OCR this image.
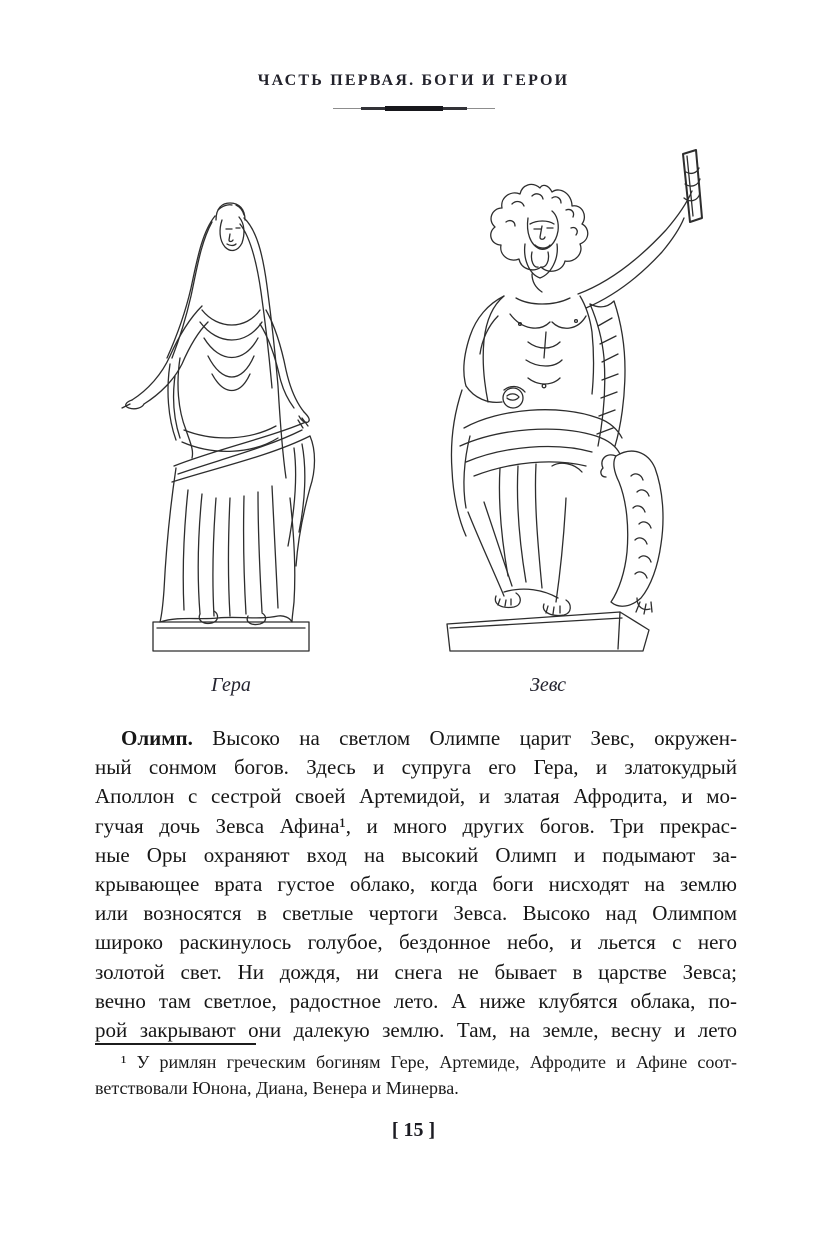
ЧАСТЬ ПЕРВАЯ. БОГИ И ГЕРОИ
Гера	Зевс
Олимп. Высоко на светлом Олимпе царит Зевс, окружен-
ный сонмом богов. Здесь и супруга его Гера, и златокудрый
Аполлон с сестрой своей Артемидой, и златая Афродита, и мо-
гучая дочь Зевса Афина¹, и много других богов. Три прекрас-
ные Оры охраняют вход на высокий Олимп и подымают за-
крывающее врата густое облако, когда боги нисходят на землю
или возносятся в светлые чертоги Зевса. Высоко над Олимпом
широко раскинулось голубое, бездонное небо, и льется с него
золотой свет. Ни дождя, ни снега не бывает в царстве Зевса;
вечно там светлое, радостное лето. А ниже клубятся облака, по-
рой закрывают они далекую землю. Там, на земле, весну и лето
¹ У римлян греческим богиням Гере, Артемиде, Афродите и Афине соот-
ветствовали Юнона, Диана, Венера и Минерва.
[ 15 ]
